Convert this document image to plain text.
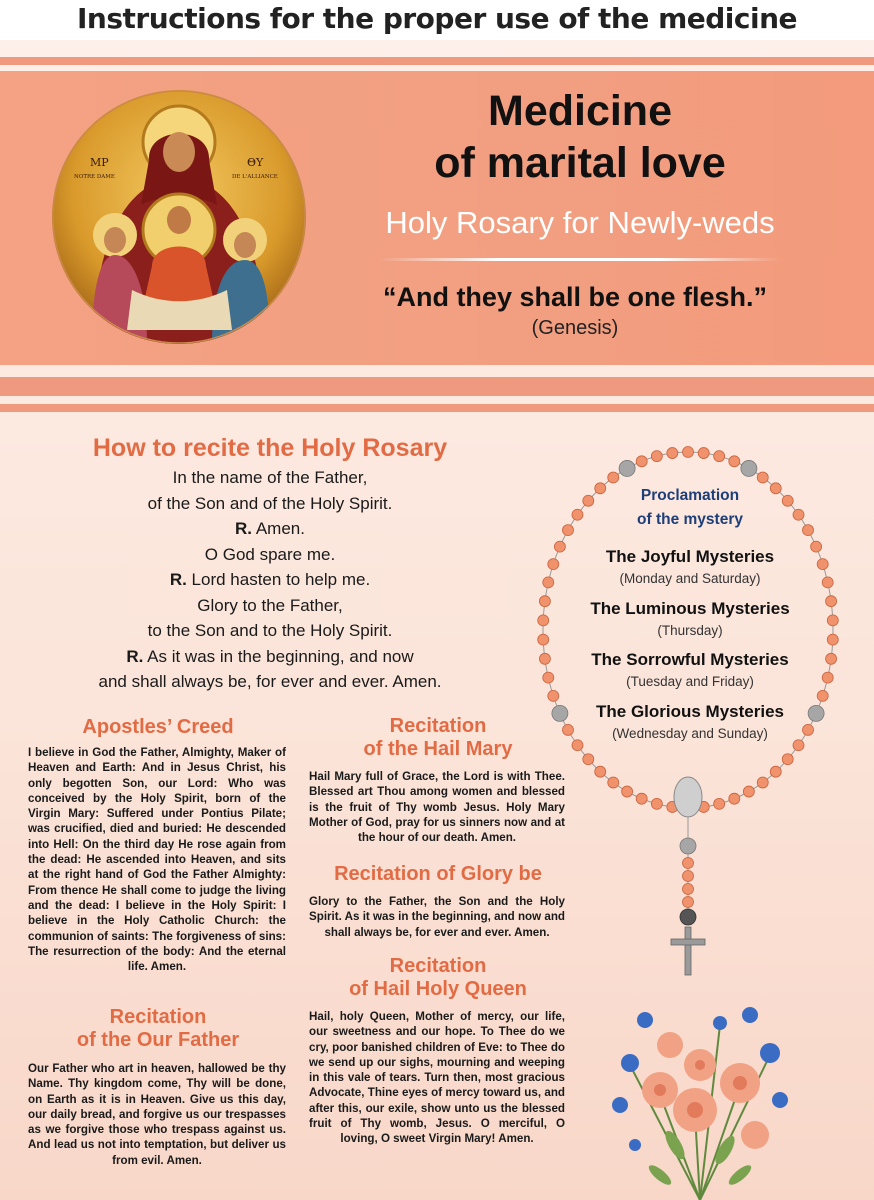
Instructions for the proper use of the medicine
MP
NOTRE DAME
ΘY
DE L'ALLIANCE
Medicine
of marital love
Holy Rosary for Newly-weds
“And they shall be one flesh.”
(Genesis)
How to recite the Holy Rosary
In the name of the Father,
of the Son and of the Holy Spirit.
R. Amen.
O God spare me.
R. Lord hasten to help me.
Glory to the Father,
to the Son and to the Holy Spirit.
R. As it was in the beginning, and now
and shall always be, for ever and ever. Amen.
Apostles’ Creed
I believe in God the Father, Almighty, Maker of Heaven and Earth: And in Jesus Christ, his only begotten Son, our Lord: Who was conceived by the Holy Spirit, born of the Virgin Mary: Suffered under Pontius Pilate; was crucified, died and buried: He descended into Hell: On the third day He rose again from the dead: He ascended into Heaven, and sits at the right hand of God the Father Almighty: From thence He shall come to judge the living and the dead: I believe in the Holy Spirit: I believe in the Holy Catholic Church: the communion of saints: The forgiveness of sins: The resurrection of the body: And the eternal life. Amen.
Recitation
of the Our Father
Our Father who art in heaven, hallowed be thy Name. Thy kingdom come, Thy will be done, on Earth as it is in Heaven. Give us this day, our daily bread, and forgive us our trespasses as we forgive those who trespass against us. And lead us not into temptation, but deliver us from evil. Amen.
Recitation
of the Hail Mary
Hail Mary full of Grace, the Lord is with Thee. Blessed art Thou among women and blessed is the fruit of Thy womb Jesus. Holy Mary Mother of God, pray for us sinners now and at the hour of our death. Amen.
Recitation of Glory be
Glory to the Father, the Son and the Holy Spirit. As it was in the beginning, and now and shall always be, for ever and ever. Amen.
Recitation
of Hail Holy Queen
Hail, holy Queen, Mother of mercy, our life, our sweetness and our hope. To Thee do we cry, poor banished children of Eve: to Thee do we send up our sighs, mourning and weeping in this vale of tears. Turn then, most gracious Advocate, Thine eyes of mercy toward us, and after this, our exile, show unto us the blessed fruit of Thy womb, Jesus. O merciful, O loving, O sweet Virgin Mary! Amen.
Proclamation
of the mystery
The Joyful Mysteries
(Monday and Saturday)
The Luminous Mysteries
(Thursday)
The Sorrowful Mysteries
(Tuesday and Friday)
The Glorious Mysteries
(Wednesday and Sunday)
